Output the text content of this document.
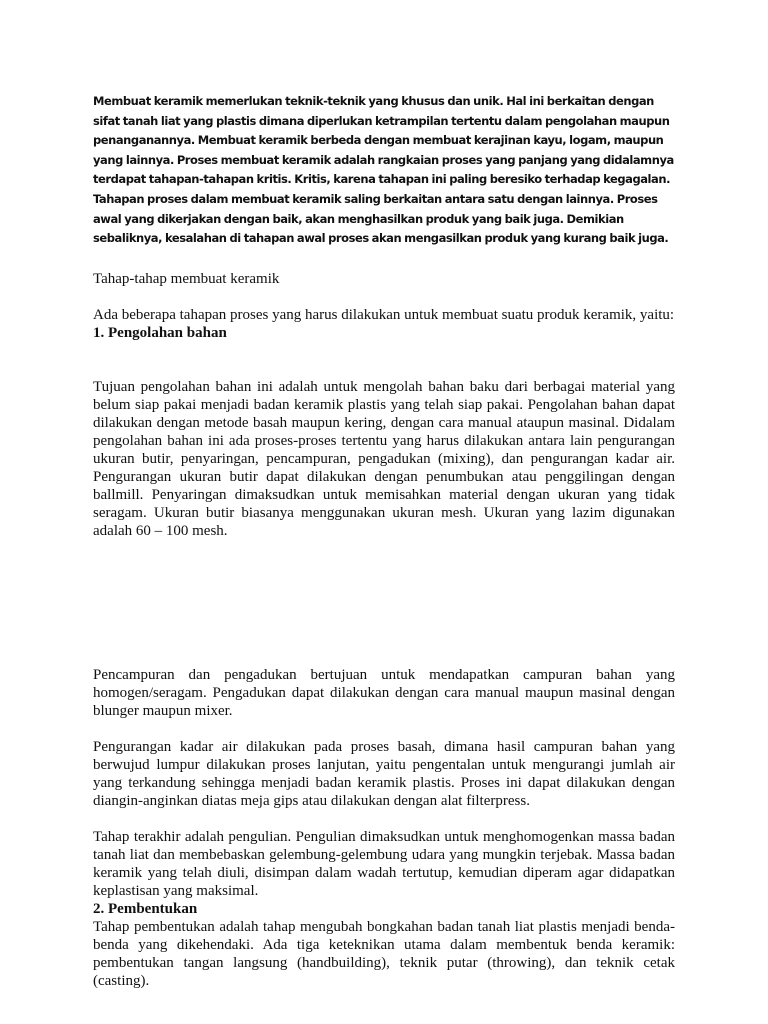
Membuat keramik memerlukan teknik-teknik yang khusus dan unik. Hal ini berkaitan dengan sifat tanah liat yang plastis dimana diperlukan ketrampilan tertentu dalam pengolahan maupun penangananny​a. Membuat keramik berbeda dengan membuat kerajinan kayu, logam, maupun yang lainnya. Proses membuat keramik adalah rangkaian proses yang panjang yang didalamnya terdapat tahapan-tahapan kritis. Kritis, karena tahapan ini paling beresiko terhadap kegagalan. Tahapan proses dalam membuat keramik saling berkaitan antara satu dengan lainnya. Proses awal yang dikerjakan dengan baik, akan menghasilkan produk yang baik juga. Demikian sebaliknya, kesalahan di tahapan awal proses akan mengasilkan produk yang kurang baik juga.

Tahap-tahap membuat keramik

Ada beberapa tahapan proses yang harus dilakukan untuk membuat suatu produk keramik, yaitu:

1. Pengolahan bahan

Tujuan pengolahan bahan ini adalah untuk mengolah bahan baku dari berbagai material yang belum siap pakai menjadi badan keramik plastis yang telah siap pakai. Pengolahan bahan dapat dilakukan dengan metode basah maupun kering, dengan cara manual ataupun masinal. Didalam pengolahan bahan ini ada proses-proses tertentu yang harus dilakukan antara lain pengurangan ukuran butir, penyaringan, pencampuran, pengadukan (mixing), dan pengurangan kadar air. Pengurangan ukuran butir dapat dilakukan dengan penumbukan atau penggilingan dengan ballmill. Penyaringan dimaksudkan untuk memisahkan material dengan ukuran yang tidak seragam. Ukuran butir biasanya menggunakan ukuran mesh. Ukuran yang lazim digunakan adalah 60 – 100 mesh.

Pencampuran dan pengadukan bertujuan untuk mendapatkan campuran bahan yang homogen/seragam. Pengadukan dapat dilakukan dengan cara manual maupun masinal dengan blunger maupun mixer.

Pengurangan kadar air dilakukan pada proses basah, dimana hasil campuran bahan yang berwujud lumpur dilakukan proses lanjutan, yaitu pengentalan untuk mengurangi jumlah air yang terkandung sehingga menjadi badan keramik plastis. Proses ini dapat dilakukan dengan diangin-anginkan diatas meja gips atau dilakukan dengan alat filterpress.

Tahap terakhir adalah pengulian. Pengulian dimaksudkan untuk menghomogenkan massa badan tanah liat dan membebaskan gelembung-gelembung udara yang mungkin terjebak. Massa badan keramik yang telah diuli, disimpan dalam wadah tertutup, kemudian diperam agar didapatkan keplastisan yang maksimal.

2. Pembentukan

Tahap pembentukan adalah tahap mengubah bongkahan badan tanah liat plastis menjadi benda-benda yang dikehendaki. Ada tiga keteknikan utama dalam membentuk benda keramik: pembentukan tangan langsung (handbuilding), teknik putar (throwing), dan teknik cetak (casting).
